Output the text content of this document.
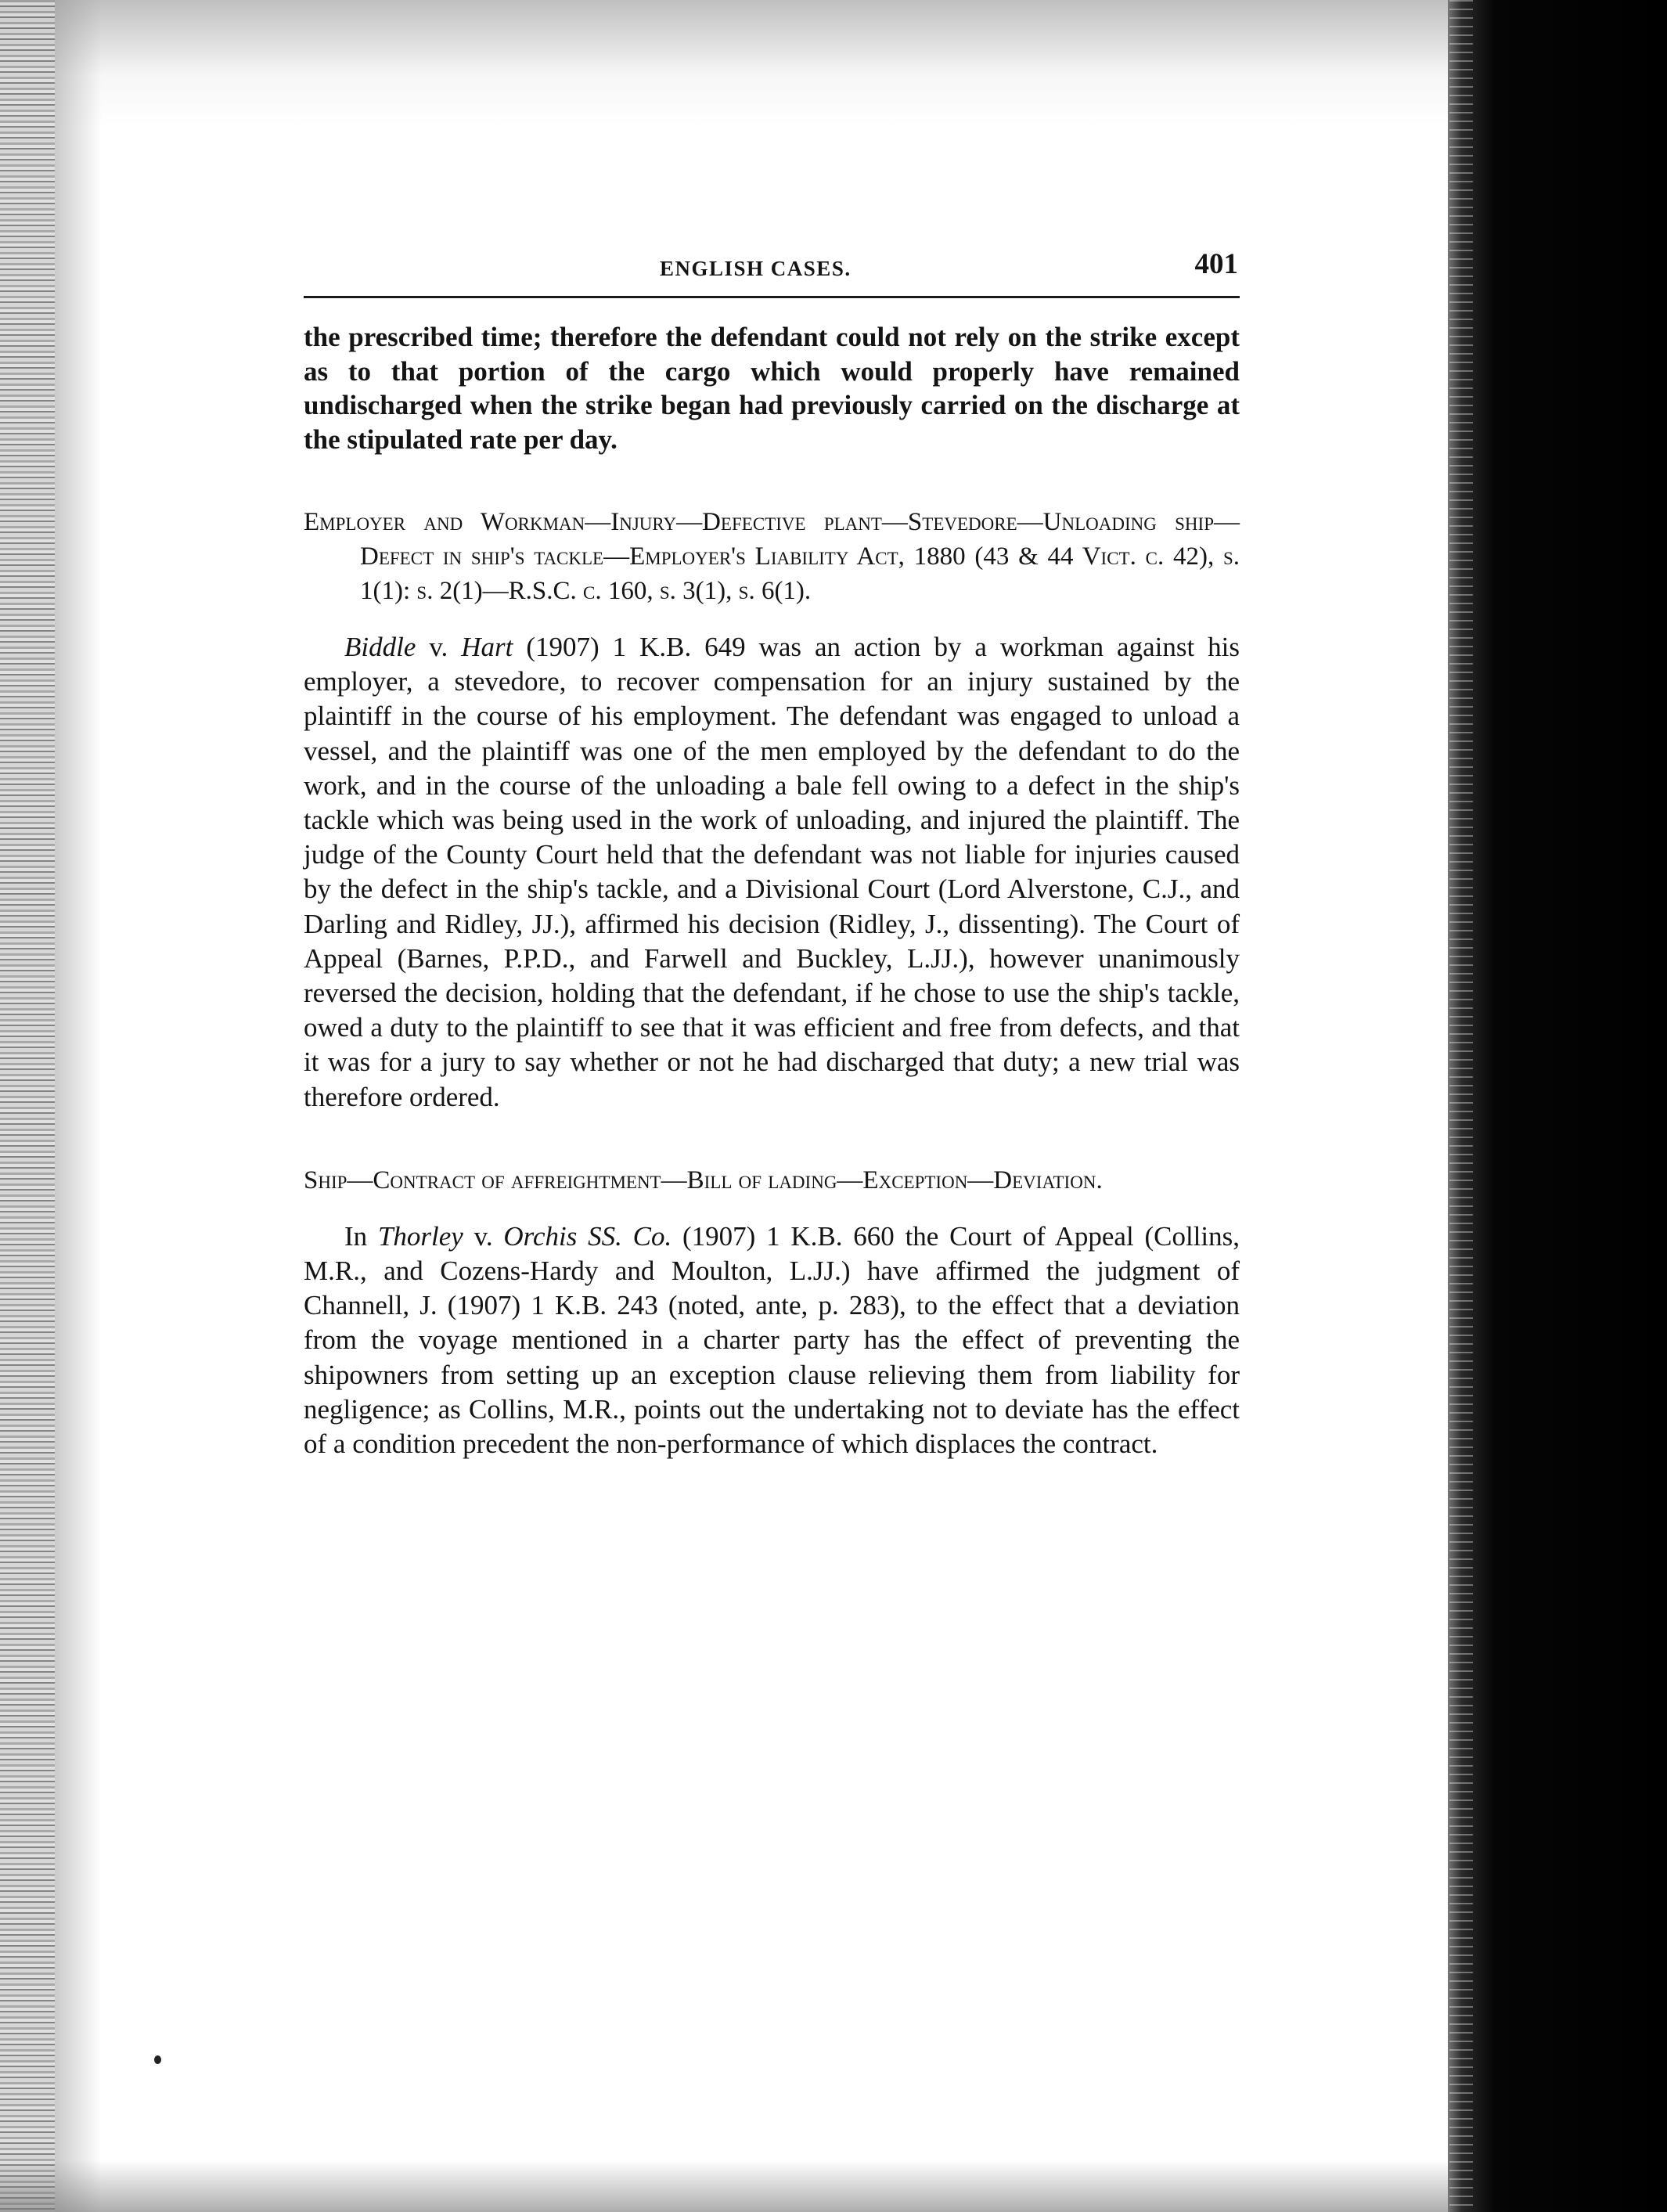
ENGLISH CASES.	401

the prescribed time; therefore the defendant could not rely on the strike except as to that portion of the cargo which would properly have remained undischarged when the strike began had previously carried on the discharge at the stipulated rate per day.

Employer and Workman—Injury—Defective plant—Stevedore—Unloading ship—Defect in ship's tackle—Employer's Liability Act, 1880 (43 & 44 Vict. c. 42), s. 1(1): s. 2(1)—R.S.C. c. 160, s. 3(1), s. 6(1).

Biddle v. Hart (1907) 1 K.B. 649 was an action by a workman against his employer, a stevedore, to recover compensation for an injury sustained by the plaintiff in the course of his employment. The defendant was engaged to unload a vessel, and the plaintiff was one of the men employed by the defendant to do the work, and in the course of the unloading a bale fell owing to a defect in the ship's tackle which was being used in the work of unloading, and injured the plaintiff. The judge of the County Court held that the defendant was not liable for injuries caused by the defect in the ship's tackle, and a Divisional Court (Lord Alverstone, C.J., and Darling and Ridley, JJ.), affirmed his decision (Ridley, J., dissenting). The Court of Appeal (Barnes, P.P.D., and Farwell and Buckley, L.JJ.), however unanimously reversed the decision, holding that the defendant, if he chose to use the ship's tackle, owed a duty to the plaintiff to see that it was efficient and free from defects, and that it was for a jury to say whether or not he had discharged that duty; a new trial was therefore ordered.

Ship—Contract of affreightment—Bill of lading—Exception—Deviation.

In Thorley v. Orchis SS. Co. (1907) 1 K.B. 660 the Court of Appeal (Collins, M.R., and Cozens-Hardy and Moulton, L.JJ.) have affirmed the judgment of Channell, J. (1907) 1 K.B. 243 (noted, ante, p. 283), to the effect that a deviation from the voyage mentioned in a charter party has the effect of preventing the shipowners from setting up an exception clause relieving them from liability for negligence; as Collins, M.R., points out the undertaking not to deviate has the effect of a condition precedent the non-performance of which displaces the contract.
